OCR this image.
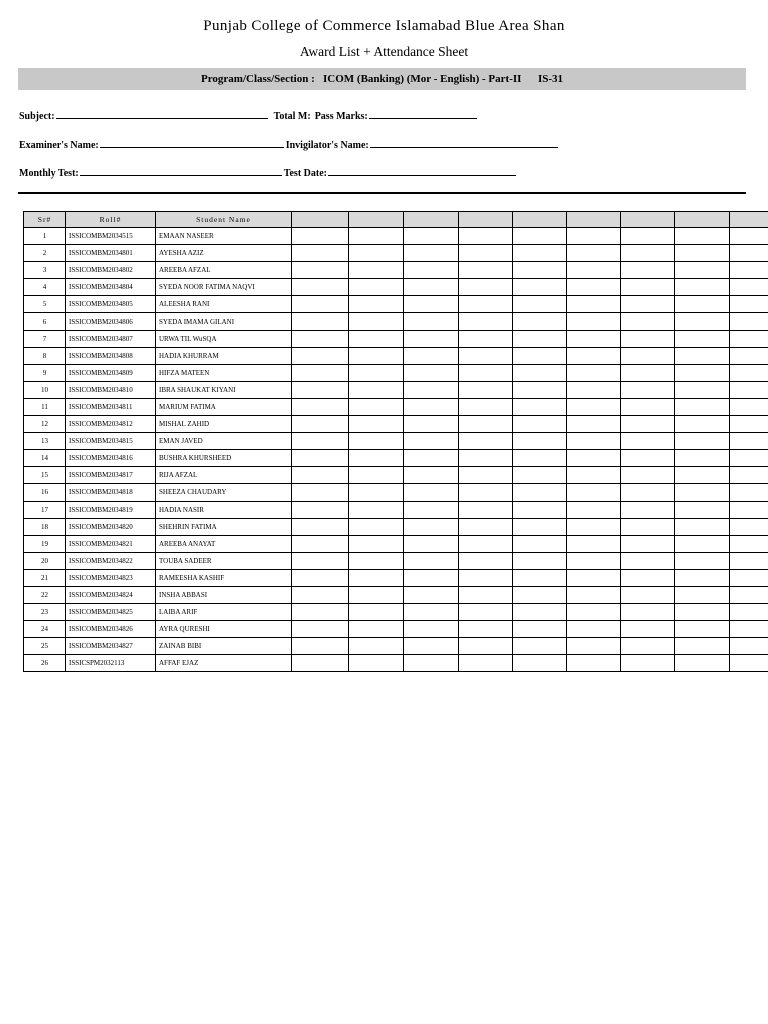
Punjab College of Commerce Islamabad Blue Area Shan
Award List + Attendance Sheet
Program/Class/Section :
ICOM (Banking) (Mor - English) - Part-II
IS-31
Subject:	Total M: Pass Marks:
Examiner's Name:	Invigilator's Name:
Monthly Test:	Test Date:
Sr#	Roll#	Student Name									
1	ISSICOMBM2034515	EMAAN NASEER									
2	ISSICOMBM2034801	AYESHA AZIZ									
3	ISSICOMBM2034802	AREEBA AFZAL									
4	ISSICOMBM2034804	SYEDA NOOR FATIMA NAQVI									
5	ISSICOMBM2034805	ALEESHA RANI									
6	ISSICOMBM2034806	SYEDA IMAMA GILANI									
7	ISSICOMBM2034807	URWA TIL WuSQA									
8	ISSICOMBM2034808	HADIA KHURRAM									
9	ISSICOMBM2034809	HIFZA MATEEN									
10	ISSICOMBM2034810	IBRA SHAUKAT KIYANI									
11	ISSICOMBM2034811	MARIUM FATIMA									
12	ISSICOMBM2034812	MISHAL ZAHID									
13	ISSICOMBM2034815	EMAN JAVED									
14	ISSICOMBM2034816	BUSHRA KHURSHEED									
15	ISSICOMBM2034817	RIJA AFZAL									
16	ISSICOMBM2034818	SHEEZA CHAUDARY									
17	ISSICOMBM2034819	HADIA NASIR									
18	ISSICOMBM2034820	SHEHRIN FATIMA									
19	ISSICOMBM2034821	AREEBA ANAYAT									
20	ISSICOMBM2034822	TOUBA SADEER									
21	ISSICOMBM2034823	RAMEESHA KASHIF									
22	ISSICOMBM2034824	INSHA ABBASI									
23	ISSICOMBM2034825	LAIBA ARIF									
24	ISSICOMBM2034826	AYRA QURESHI									
25	ISSICOMBM2034827	ZAINAB BIBI									
26	ISSICSPM2032113	AFFAF EJAZ									
